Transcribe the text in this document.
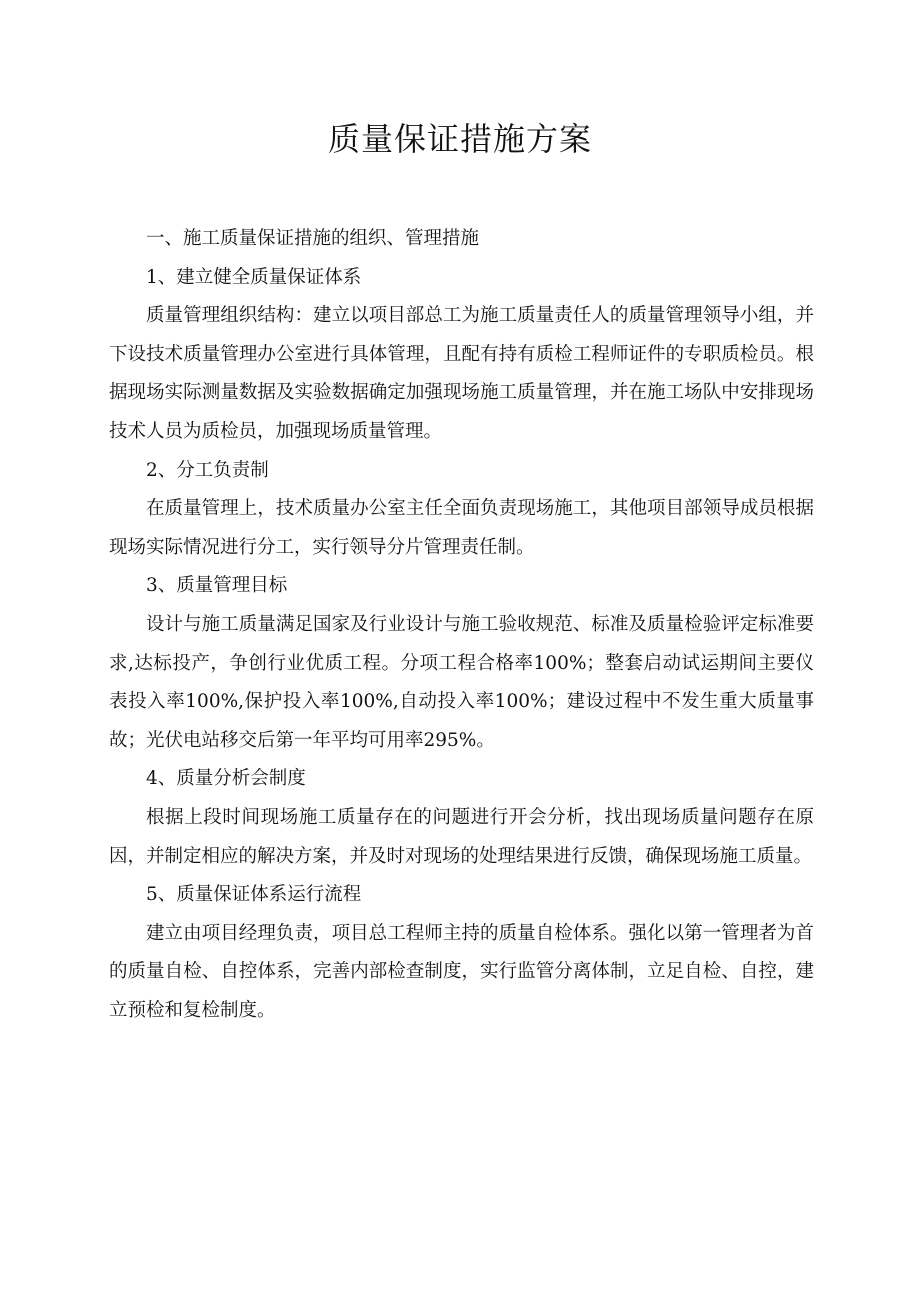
质量保证措施方案

一、施工质量保证措施的组织、管理措施

1、建立健全质量保证体系

质量管理组织结构：建立以项目部总工为施工质量责任人的质量管理领导小组，并下设技术质量管理办公室进行具体管理，且配有持有质检工程师证件的专职质检员。根据现场实际测量数据及实验数据确定加强现场施工质量管理，并在施工场队中安排现场技术人员为质检员，加强现场质量管理。

2、分工负责制

在质量管理上，技术质量办公室主任全面负责现场施工，其他项目部领导成员根据现场实际情况进行分工，实行领导分片管理责任制。

3、质量管理目标

设计与施工质量满足国家及行业设计与施工验收规范、标准及质量检验评定标准要求,达标投产，争创行业优质工程。分项工程合格率100%；整套启动试运期间主要仪表投入率100%,保护投入率100%,自动投入率100%；建设过程中不发生重大质量事故；光伏电站移交后第一年平均可用率295%。

4、质量分析会制度

根据上段时间现场施工质量存在的问题进行开会分析，找出现场质量问题存在原因，并制定相应的解决方案，并及时对现场的处理结果进行反馈，确保现场施工质量。

5、质量保证体系运行流程

建立由项目经理负责，项目总工程师主持的质量自检体系。强化以第一管理者为首的质量自检、自控体系，完善内部检查制度，实行监管分离体制，立足自检、自控，建立预检和复检制度。
